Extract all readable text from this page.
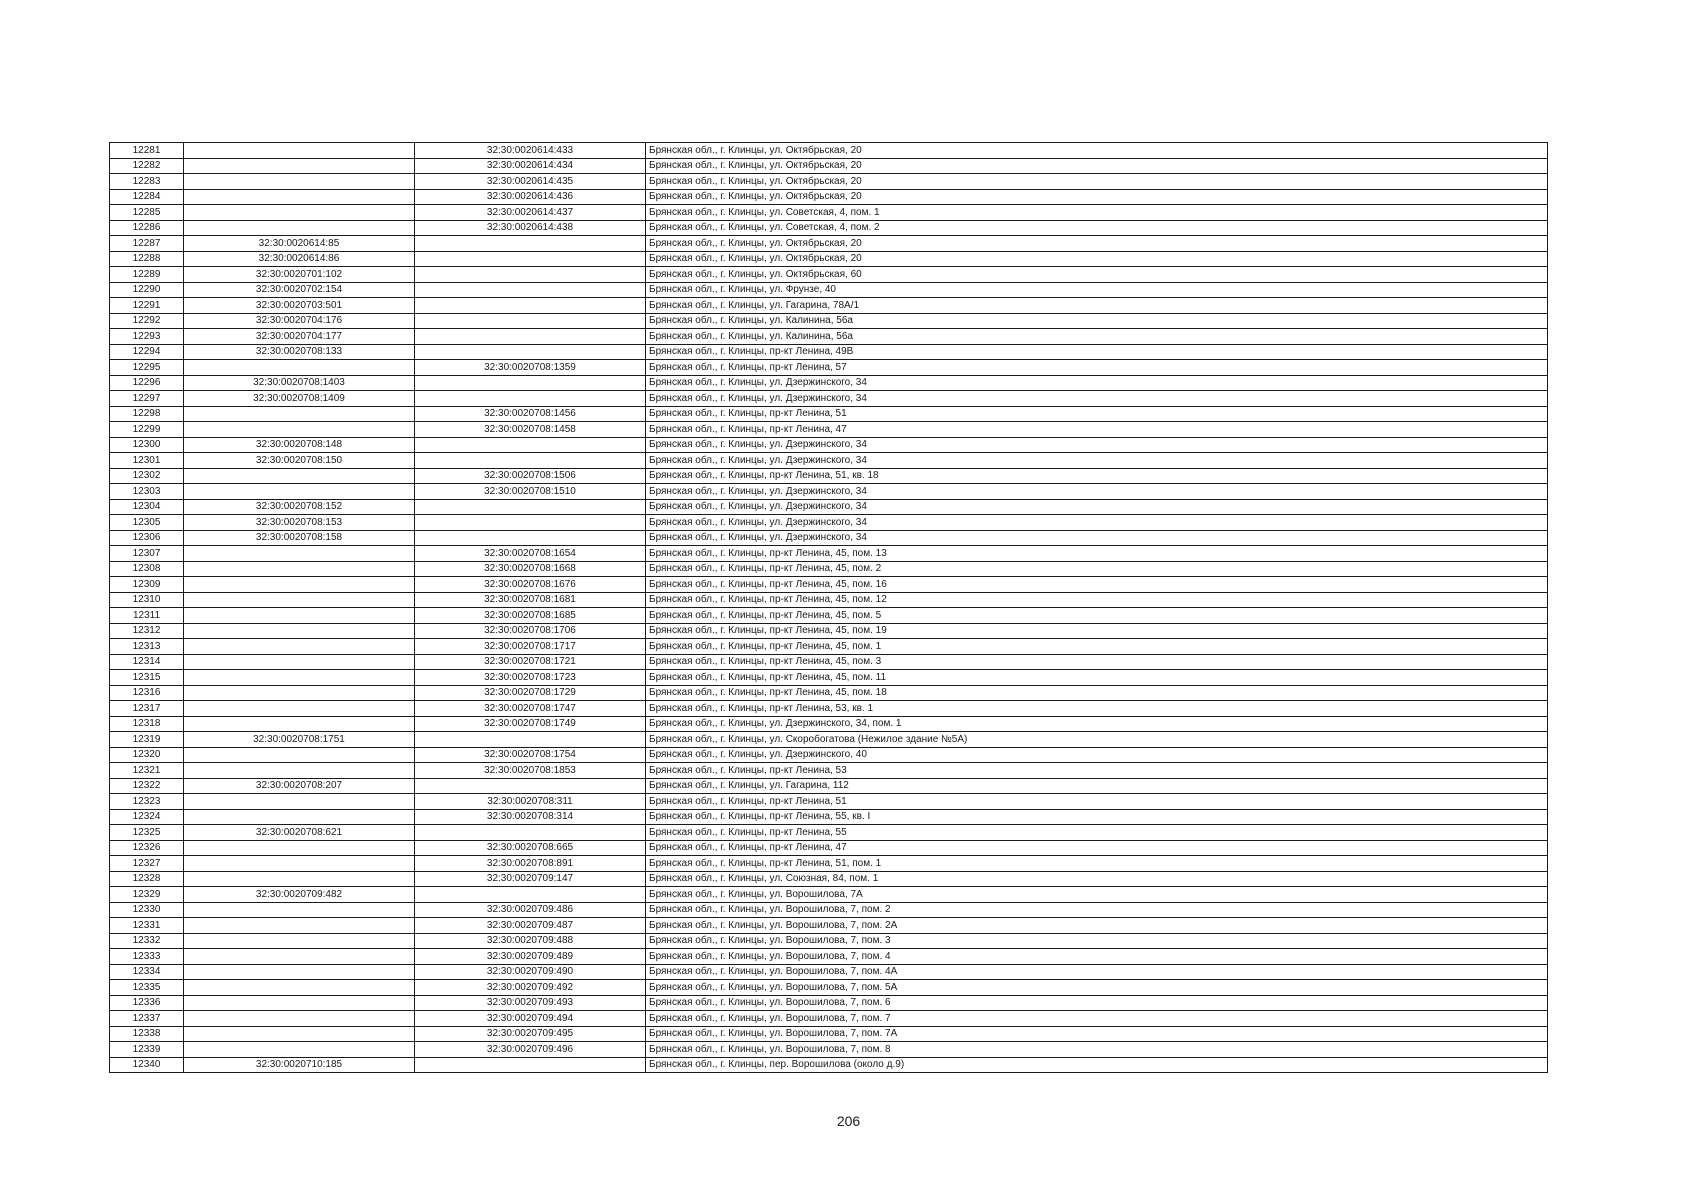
12281		32:30:0020614:433	Брянская обл., г. Клинцы, ул. Октябрьская, 20
12282		32:30:0020614:434	Брянская обл., г. Клинцы, ул. Октябрьская, 20
12283		32:30:0020614:435	Брянская обл., г. Клинцы, ул. Октябрьская, 20
12284		32:30:0020614:436	Брянская обл., г. Клинцы, ул. Октябрьская, 20
12285		32:30:0020614:437	Брянская обл., г. Клинцы, ул. Советская, 4, пом. 1
12286		32:30:0020614:438	Брянская обл., г. Клинцы, ул. Советская, 4, пом. 2
12287	32:30:0020614:85		Брянская обл., г. Клинцы, ул. Октябрьская, 20
12288	32:30:0020614:86		Брянская обл., г. Клинцы, ул. Октябрьская, 20
12289	32:30:0020701:102		Брянская обл., г. Клинцы, ул. Октябрьская, 60
12290	32:30:0020702:154		Брянская обл., г. Клинцы, ул. Фрунзе, 40
12291	32:30:0020703:501		Брянская обл., г. Клинцы, ул. Гагарина, 78А/1
12292	32:30:0020704:176		Брянская обл., г. Клинцы, ул. Калинина, 56а
12293	32:30:0020704:177		Брянская обл., г. Клинцы, ул. Калинина, 56а
12294	32:30:0020708:133		Брянская обл., г. Клинцы, пр-кт Ленина, 49В
12295		32:30:0020708:1359	Брянская обл., г. Клинцы, пр-кт Ленина, 57
12296	32:30:0020708:1403		Брянская обл., г. Клинцы, ул. Дзержинского, 34
12297	32:30:0020708:1409		Брянская обл., г. Клинцы, ул. Дзержинского, 34
12298		32:30:0020708:1456	Брянская обл., г. Клинцы, пр-кт Ленина, 51
12299		32:30:0020708:1458	Брянская обл., г. Клинцы, пр-кт Ленина, 47
12300	32:30:0020708:148		Брянская обл., г. Клинцы, ул. Дзержинского, 34
12301	32:30:0020708:150		Брянская обл., г. Клинцы, ул. Дзержинского, 34
12302		32:30:0020708:1506	Брянская обл., г. Клинцы, пр-кт Ленина, 51, кв. 18
12303		32:30:0020708:1510	Брянская обл., г. Клинцы, ул. Дзержинского, 34
12304	32:30:0020708:152		Брянская обл., г. Клинцы, ул. Дзержинского, 34
12305	32:30:0020708:153		Брянская обл., г. Клинцы, ул. Дзержинского, 34
12306	32:30:0020708:158		Брянская обл., г. Клинцы, ул. Дзержинского, 34
12307		32:30:0020708:1654	Брянская обл., г. Клинцы, пр-кт Ленина, 45, пом. 13
12308		32:30:0020708:1668	Брянская обл., г. Клинцы, пр-кт Ленина, 45, пом. 2
12309		32:30:0020708:1676	Брянская обл., г. Клинцы, пр-кт Ленина, 45, пом. 16
12310		32:30:0020708:1681	Брянская обл., г. Клинцы, пр-кт Ленина, 45, пом. 12
12311		32:30:0020708:1685	Брянская обл., г. Клинцы, пр-кт Ленина, 45, пом. 5
12312		32:30:0020708:1706	Брянская обл., г. Клинцы, пр-кт Ленина, 45, пом. 19
12313		32:30:0020708:1717	Брянская обл., г. Клинцы, пр-кт Ленина, 45, пом. 1
12314		32:30:0020708:1721	Брянская обл., г. Клинцы, пр-кт Ленина, 45, пом. 3
12315		32:30:0020708:1723	Брянская обл., г. Клинцы, пр-кт Ленина, 45, пом. 11
12316		32:30:0020708:1729	Брянская обл., г. Клинцы, пр-кт Ленина, 45, пом. 18
12317		32:30:0020708:1747	Брянская обл., г. Клинцы, пр-кт Ленина, 53, кв. 1
12318		32:30:0020708:1749	Брянская обл., г. Клинцы, ул. Дзержинского, 34, пом. 1
12319	32:30:0020708:1751		Брянская обл., г. Клинцы, ул. Скоробогатова (Нежилое здание №5А)
12320		32:30:0020708:1754	Брянская обл., г. Клинцы, ул. Дзержинского, 40
12321		32:30:0020708:1853	Брянская обл., г. Клинцы, пр-кт Ленина, 53
12322	32:30:0020708:207		Брянская обл., г. Клинцы, ул. Гагарина, 112
12323		32:30:0020708:311	Брянская обл., г. Клинцы, пр-кт Ленина, 51
12324		32:30:0020708:314	Брянская обл., г. Клинцы, пр-кт Ленина, 55, кв. I
12325	32:30:0020708:621		Брянская обл., г. Клинцы, пр-кт Ленина, 55
12326		32:30:0020708:665	Брянская обл., г. Клинцы, пр-кт Ленина, 47
12327		32:30:0020708:891	Брянская обл., г. Клинцы, пр-кт Ленина, 51, пом. 1
12328		32:30:0020709:147	Брянская обл., г. Клинцы, ул. Союзная, 84, пом. 1
12329	32:30:0020709:482		Брянская обл., г. Клинцы, ул. Ворошилова, 7А
12330		32:30:0020709:486	Брянская обл., г. Клинцы, ул. Ворошилова, 7, пом. 2
12331		32:30:0020709:487	Брянская обл., г. Клинцы, ул. Ворошилова, 7, пом. 2А
12332		32:30:0020709:488	Брянская обл., г. Клинцы, ул. Ворошилова, 7, пом. 3
12333		32:30:0020709:489	Брянская обл., г. Клинцы, ул. Ворошилова, 7, пом. 4
12334		32:30:0020709:490	Брянская обл., г. Клинцы, ул. Ворошилова, 7, пом. 4А
12335		32:30:0020709:492	Брянская обл., г. Клинцы, ул. Ворошилова, 7, пом. 5А
12336		32:30:0020709:493	Брянская обл., г. Клинцы, ул. Ворошилова, 7, пом. 6
12337		32:30:0020709:494	Брянская обл., г. Клинцы, ул. Ворошилова, 7, пом. 7
12338		32:30:0020709:495	Брянская обл., г. Клинцы, ул. Ворошилова, 7, пом. 7А
12339		32:30:0020709:496	Брянская обл., г. Клинцы, ул. Ворошилова, 7, пом. 8
12340	32:30:0020710:185		Брянская обл., г. Клинцы, пер. Ворошилова (около д.9)
206
